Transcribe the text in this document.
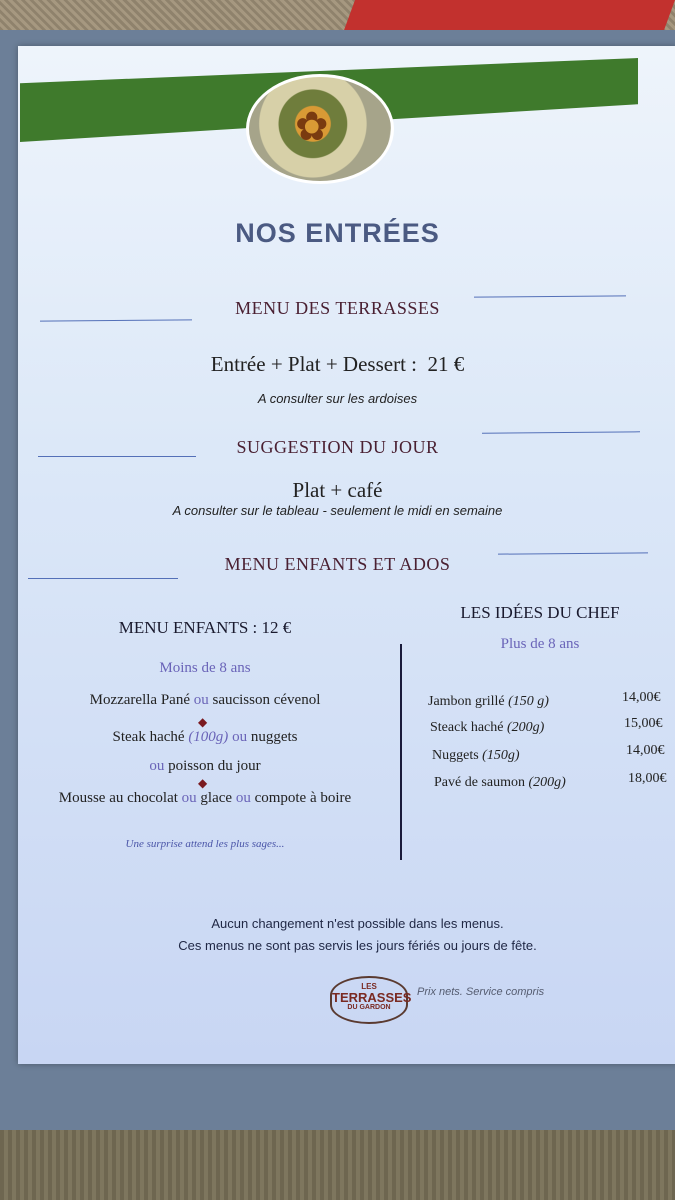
✿
NOS ENTRÉES
MENU DES TERRASSES
Entrée + Plat + Dessert : 21 €
A consulter sur les ardoises
SUGGESTION DU JOUR
Plat + café
A consulter sur le tableau - seulement le midi en semaine
MENU ENFANTS ET ADOS
MENU ENFANTS : 12 €
Moins de 8 ans
Mozzarella Pané ou saucisson cévenol
◆
Steak haché (100g) ou nuggets
ou poisson du jour
◆
Mousse au chocolat ou glace ou compote à boire
Une surprise attend les plus sages...
LES IDÉES DU CHEF
Plus de 8 ans
Jambon grillé (150 g)	14,00€
Steack haché (200g)	15,00€
Nuggets (150g)	14,00€
Pavé de saumon (200g)	18,00€
Aucun changement n'est possible dans les menus.
Ces menus ne sont pas servis les jours fériés ou jours de fête.
LES
TERRASSES
DU GARDON
Prix nets. Service compris
